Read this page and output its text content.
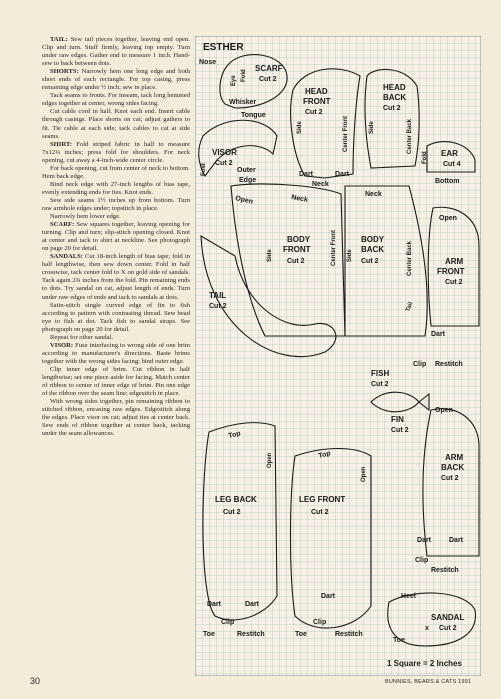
TAIL: Sew tail pieces together, leaving end open. Clip and turn. Stuff firmly, leaving top empty. Turn under raw edges. Gather end to measure 1 inch. Hand-sew to back between dots.

SHORTS: Narrowly hem one long edge and both short ends of each rectangle. For top casing, press remaining edge under ½ inch; sew in place.

Tack seams to fronts. For inseam, tack long hemmed edges together at center, wrong sides facing.

Cut cable cord in half. Knot each end. Insert cable through casings. Place shorts on cat; adjust gathers to fit. Tie cable at each side; tack cables to cat at side seams.

SHIRT: Fold striped fabric in half to measure 7x12¼ inches; press fold for shoulders. For neck opening, cut away a 4-inch-wide center circle.

For back opening, cut from center of neck to bottom. Hem back edge.

Bind neck edge with 27-inch lengths of bias tape, evenly extending ends for ties. Knot ends.

Sew side seams 1½ inches up from bottom. Turn raw armhole edges under; topstitch in place.

Narrowly hem lower edge.

SCARF: Sew squares together, leaving opening for turning. Clip and turn; slip-stitch opening closed. Knot at center and tack to shirt at neckline. See photograph on page 20 for detail.

SANDALS: Cut 18-inch length of bias tape; fold in half lengthwise, then sew down center. Fold in half crosswise, tack center fold to X on gold side of sandals. Tack again 2¾ inches from the fold. Pin remaining ends to dots. Try sandal on cat, adjust length of ends. Turn under raw edges of ends and tack to sandals at dots.

Satin-stitch single curved edge of fin to fish according to pattern with contrasting thread. Sew bead eye to fish at dot. Tack fish to sandal straps. See photograph on page 20 for detail.

Repeat for other sandal.

VISOR: Fuse interfacing to wrong side of one brim according to manufacturer's directions. Baste brims together with the wrong sides facing; bind outer edge.

Clip inner edge of brim. Cut ribbon in half lengthwise; set one piece aside for facing. Match center of ribbon to center of inner edge of brim. Pin one edge of the ribbon over the seam line; edgestitch in place.

With wrong sides together, pin remaining ribbon to stitched ribbon, encasing raw edges. Edgestitch along the edges. Place visor on cat; adjust ties at center back. Sew ends of ribbon together at center back, tacking under the seam allowances.

30	BUNNIES, BEARS & CATS 1991
ESTHER
Nose
Eye Fold
SCARF
Cut 2
Whisker
Tongue
Fold
VISOR
Cut 2
Outer
Edge
HEAD
FRONT
Cut 2
Side	Center Front
Dart
Neck
Dart
HEAD
BACK
Cut 2
Side	Center Back
Fold EAR
Cut 4
Bottom
Open	Neck
BODY
FRONT
Cut 2
Side	Center Front
Neck
BODY
BACK
Cut 2
Side	Center Back
Tail
TAIL
Cut 2
Open
ARM
FRONT
Cut 2
Dart
Clip Restitch
FISH
Cut 2
FIN
Cut 2
Open
ARM
BACK
Cut 2
Dart	Dart
Clip
Restitch
Top
Open
LEG BACK
Cut 2
Dart	Dart
Clip
Toe	Restitch
Top
Open
LEG FRONT
Cut 2
Dart
Clip
Toe	Restitch
Heel
SANDAL
Cut 2
x
Toe
1 Square = 2 Inches
